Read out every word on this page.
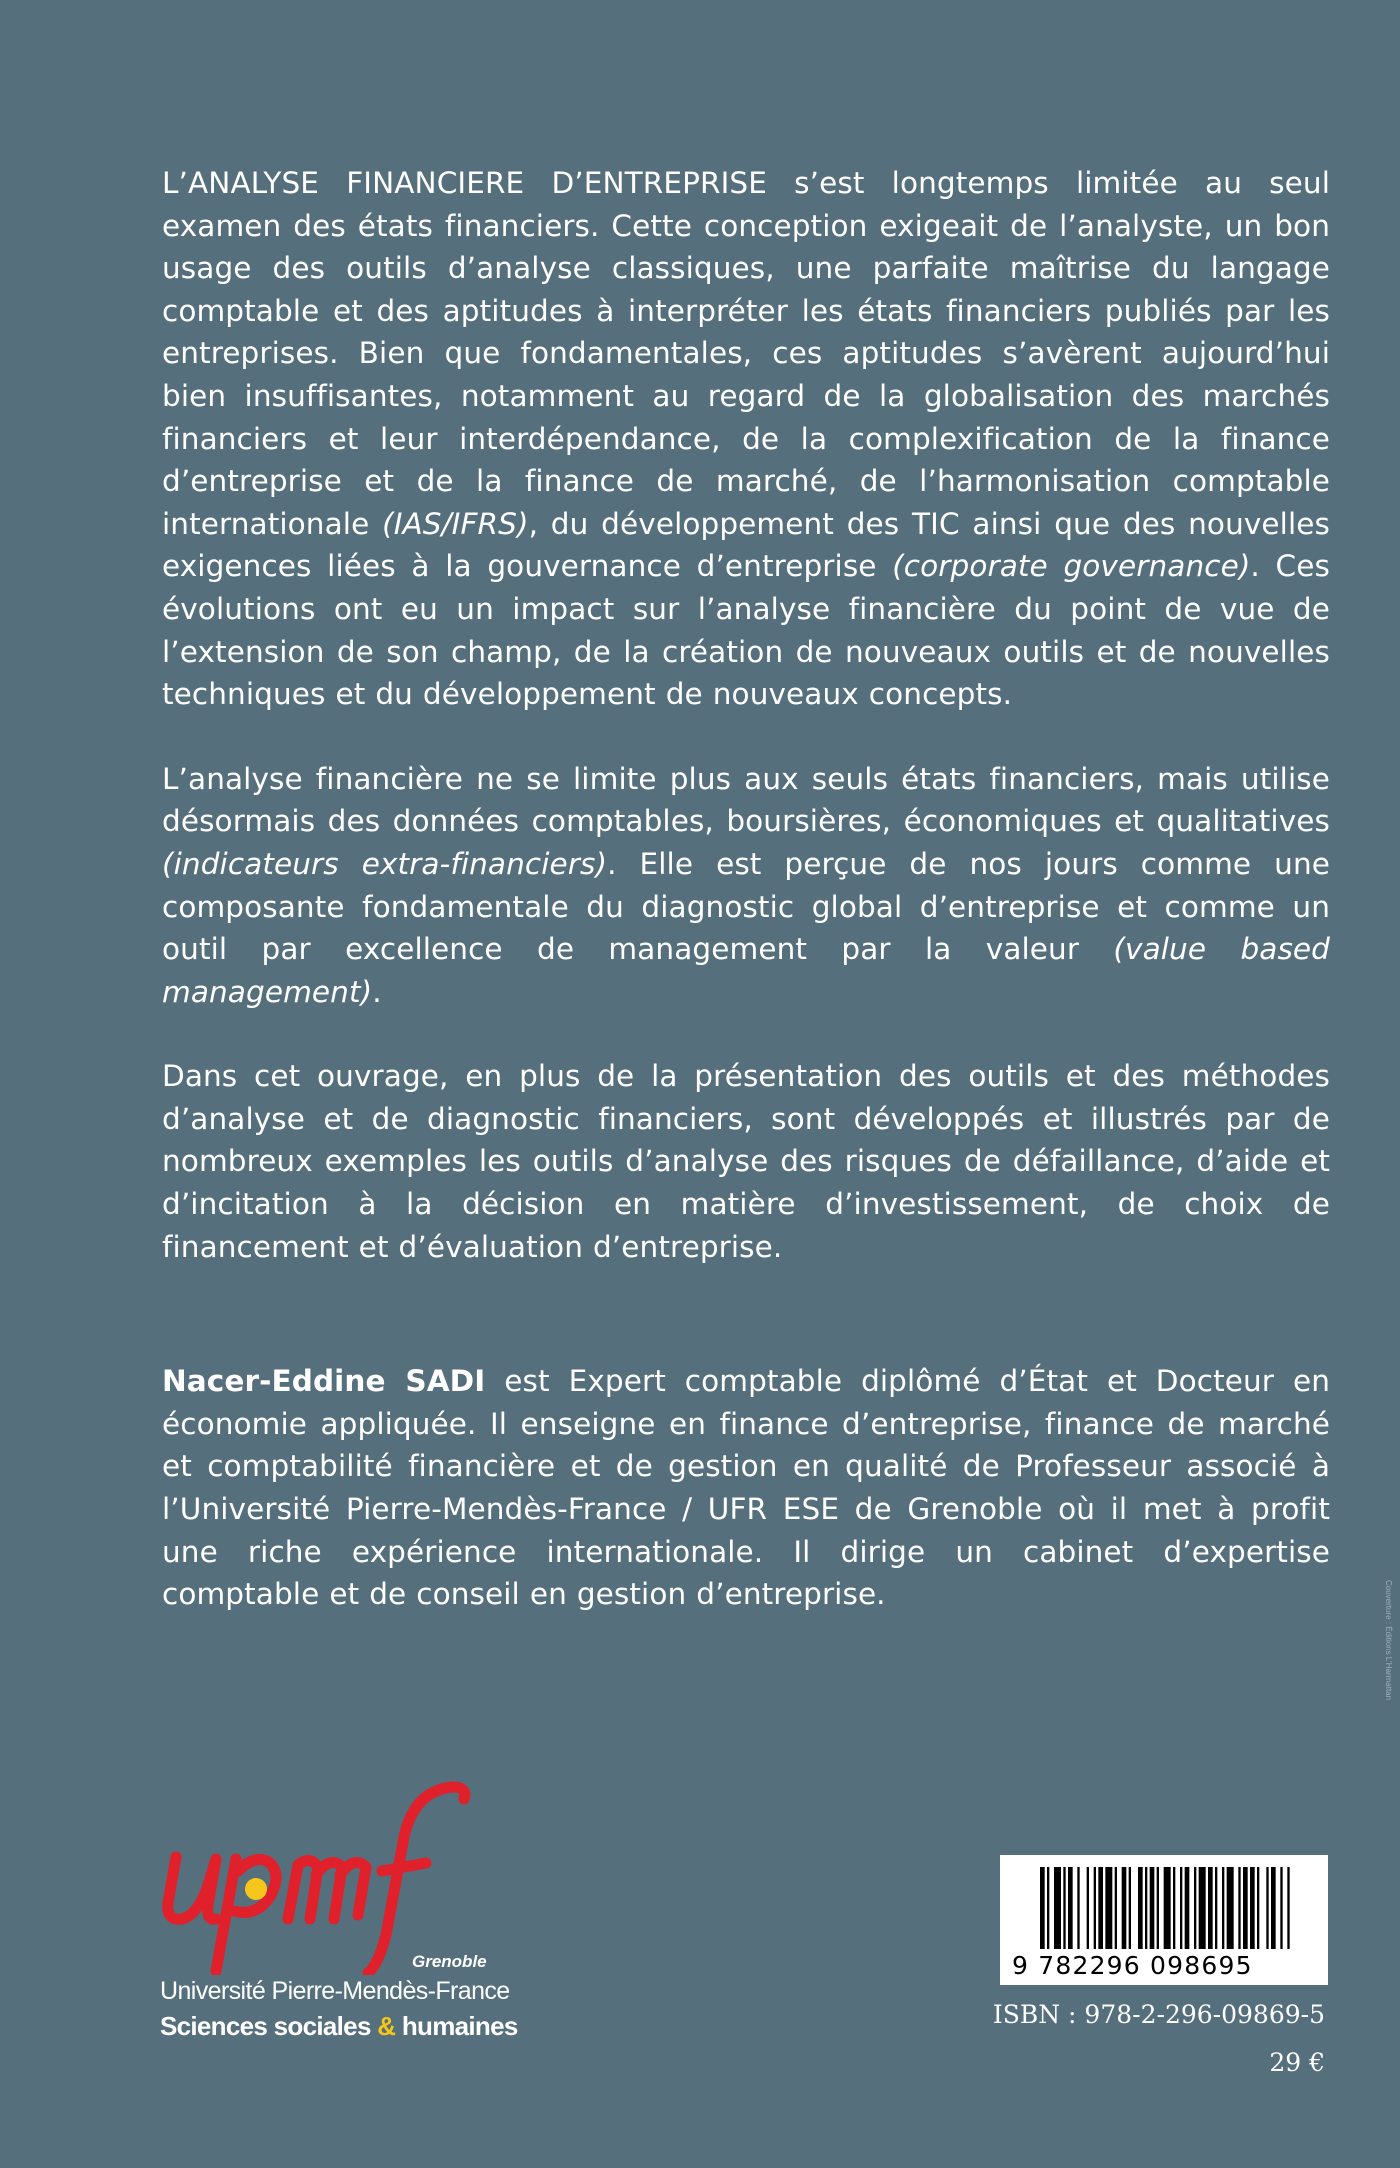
L’ANALYSE FINANCIERE D’ENTREPRISE s’est longtemps limitée au seul examen des états financiers. Cette conception exigeait de l’analyste, un bon usage des outils d’analyse classiques, une parfaite maîtrise du langage comptable et des aptitudes à interpréter les états financiers publiés par les entreprises. Bien que fondamentales, ces aptitudes s’avèrent aujourd’hui bien insuffisantes, notamment au regard de la globalisation des marchés financiers et leur interdépendance, de la complexification de la finance d’entreprise et de la finance de marché, de l’harmonisation comptable internationale (IAS/IFRS), du développement des TIC ainsi que des nouvelles exigences liées à la gouvernance d’entreprise (corporate governance). Ces évolutions ont eu un impact sur l’analyse financière du point de vue de l’extension de son champ, de la création de nouveaux outils et de nouvelles techniques et du développement de nouveaux concepts.

L’analyse financière ne se limite plus aux seuls états financiers, mais utilise désormais des données comptables, boursières, économiques et qualitatives (indicateurs extra-financiers). Elle est perçue de nos jours comme une composante fondamentale du diagnostic global d’entreprise et comme un outil par excellence de management par la valeur (value based management).

Dans cet ouvrage, en plus de la présentation des outils et des méthodes d’analyse et de diagnostic financiers, sont développés et illustrés par de nombreux exemples les outils d’analyse des risques de défaillance, d’aide et d’incitation à la décision en matière d’investissement, de choix de financement et d’évaluation d’entreprise.

Nacer-Eddine SADI est Expert comptable diplômé d’État et Docteur en économie appliquée. Il enseigne en finance d’entreprise, finance de marché et comptabilité financière et de gestion en qualité de Professeur associé à l’Université Pierre-Mendès-France / UFR ESE de Grenoble où il met à profit une riche expérience internationale. Il dirige un cabinet d’expertise comptable et de conseil en gestion d’entreprise.

Grenoble
Université Pierre-Mendès-France
Sciences sociales & humaines
9 782296 098695
ISBN : 978-2-296-09869-5
29 €
Couverture : Éditions L’Harmattan
